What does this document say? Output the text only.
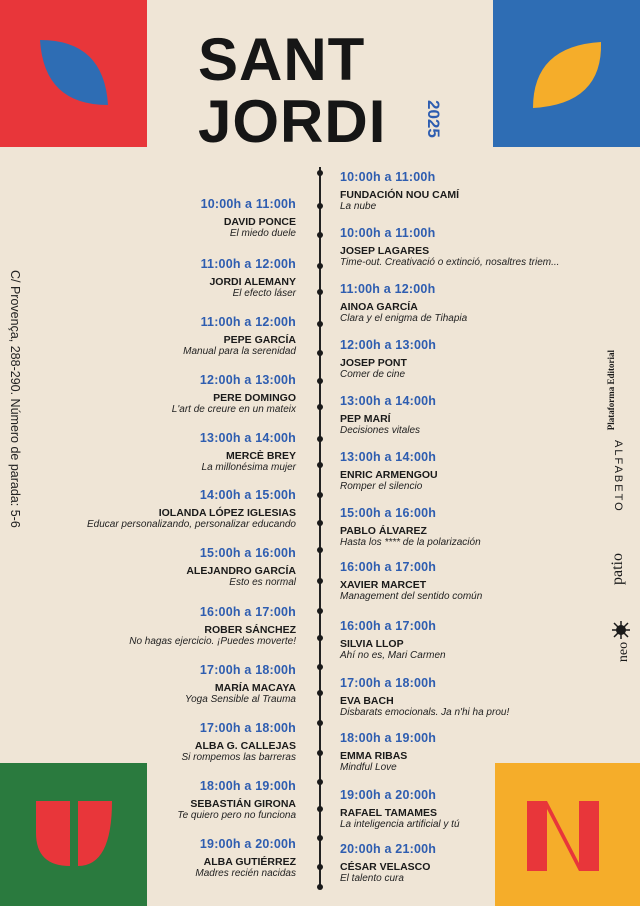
SANT
JORDI 2025
C/ Provença, 288-290. Número de parada: 5-6
10:00h a 11:00h
DAVID PONCE
El miedo duele
11:00h a 12:00h
JORDI ALEMANY
El efecto láser
11:00h a 12:00h
PEPE GARCÍA
Manual para la serenidad
12:00h a 13:00h
PERE DOMINGO
L'art de creure en un mateix
13:00h a 14:00h
MERCÈ BREY
La millonésima mujer
14:00h a 15:00h
IOLANDA LÓPEZ IGLESIAS
Educar personalizando, personalizar educando
15:00h a 16:00h
ALEJANDRO GARCÍA
Esto es normal
16:00h a 17:00h
ROBER SÁNCHEZ
No hagas ejercicio. ¡Puedes moverte!
17:00h a 18:00h
MARÍA MACAYA
Yoga Sensible al Trauma
17:00h a 18:00h
ALBA G. CALLEJAS
Si rompemos las barreras
18:00h a 19:00h
SEBASTIÁN GIRONA
Te quiero pero no funciona
19:00h a 20:00h
ALBA GUTIÉRREZ
Madres recién nacidas
10:00h a 11:00h
FUNDACIÓN NOU CAMÍ
La nube
10:00h a 11:00h
JOSEP LAGARES
Time-out. Creativació o extinció, nosaltres triem...
11:00h a 12:00h
AINOA GARCÍA
Clara y el enigma de Tihapia
12:00h a 13:00h
JOSEP PONT
Comer de cine
13:00h a 14:00h
PEP MARÍ
Decisiones vitales
13:00h a 14:00h
ENRIC ARMENGOU
Romper el silencio
15:00h a 16:00h
PABLO ÁLVAREZ
Hasta los **** de la polarización
16:00h a 17:00h
XAVIER MARCET
Management del sentido común
16:00h a 17:00h
SILVIA LLOP
Ahí no es, Mari Carmen
17:00h a 18:00h
EVA BACH
Disbarats emocionals. Ja n'hi ha prou!
18:00h a 19:00h
EMMA RIBAS
Mindful Love
19:00h a 20:00h
RAFAEL TAMAMES
La inteligencia artificial y tú
20:00h a 21:00h
CÉSAR VELASCO
El talento cura
Plataforma Editorial
ALFABETO
patio
neo
